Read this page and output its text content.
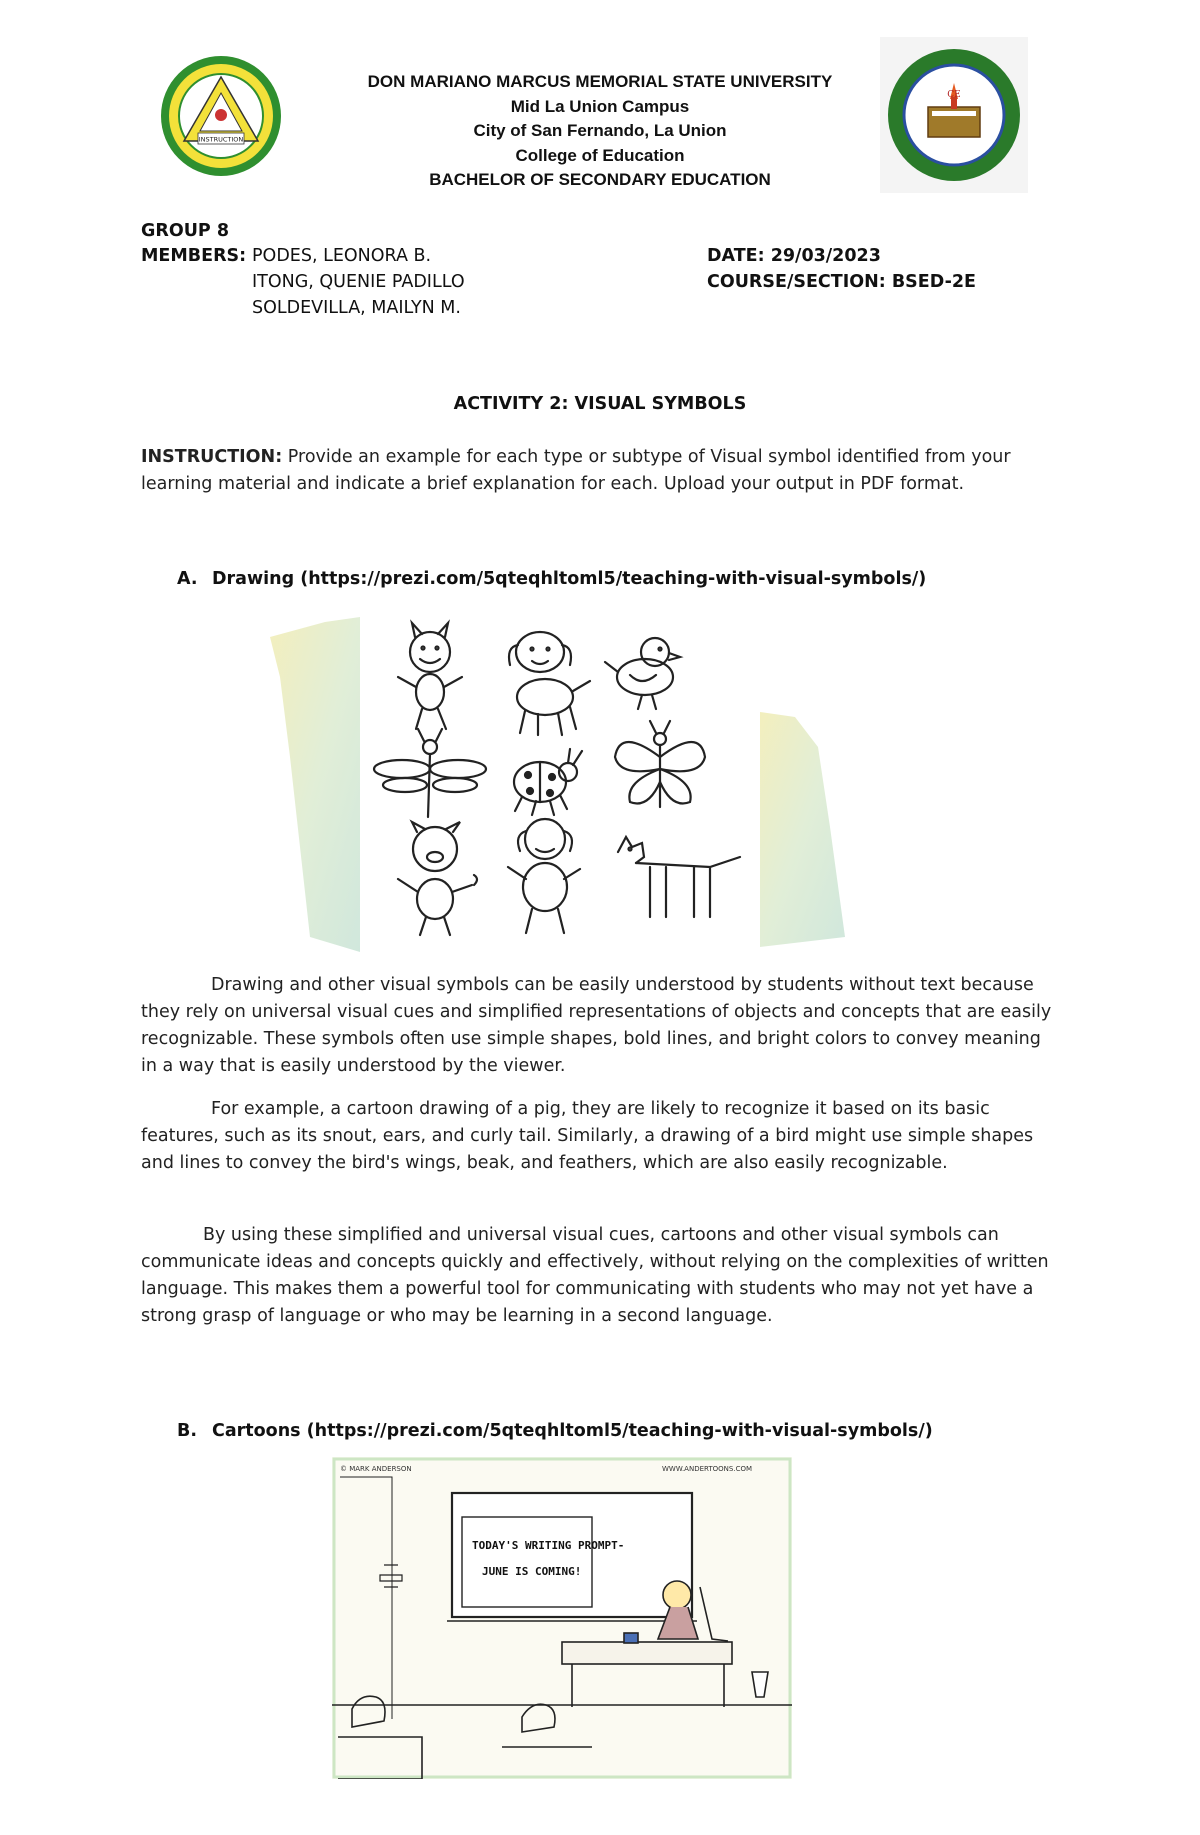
INSTRUCTION
CE
M L U C
DON MARIANO MARCUS MEMORIAL STATE UNIVERSITY
Mid La Union Campus
City of San Fernando, La Union
College of Education
BACHELOR OF SECONDARY EDUCATION
GROUP 8
MEMBERS: PODES, LEONORA B.
ITONG, QUENIE PADILLO
SOLDEVILLA, MAILYN M.
DATE: 29/03/2023
COURSE/SECTION: BSED-2E
ACTIVITY 2: VISUAL SYMBOLS
INSTRUCTION: Provide an example for each type or subtype of Visual symbol identified from your learning material and indicate a brief explanation for each. Upload your output in PDF format.
A. Drawing (https://prezi.com/5qteqhltoml5/teaching-with-visual-symbols/)
Drawing and other visual symbols can be easily understood by students without text because they rely on universal visual cues and simplified representations of objects and concepts that are easily recognizable. These symbols often use simple shapes, bold lines, and bright colors to convey meaning in a way that is easily understood by the viewer.
For example, a cartoon drawing of a pig, they are likely to recognize it based on its basic features, such as its snout, ears, and curly tail. Similarly, a drawing of a bird might use simple shapes and lines to convey the bird's wings, beak, and feathers, which are also easily recognizable.
By using these simplified and universal visual cues, cartoons and other visual symbols can communicate ideas and concepts quickly and effectively, without relying on the complexities of written language. This makes them a powerful tool for communicating with students who may not yet have a strong grasp of language or who may be learning in a second language.
B. Cartoons (https://prezi.com/5qteqhltoml5/teaching-with-visual-symbols/)
© MARK ANDERSON	WWW.ANDERTOONS.COM
TODAY'S WRITING PROMPT-
JUNE IS COMING!
